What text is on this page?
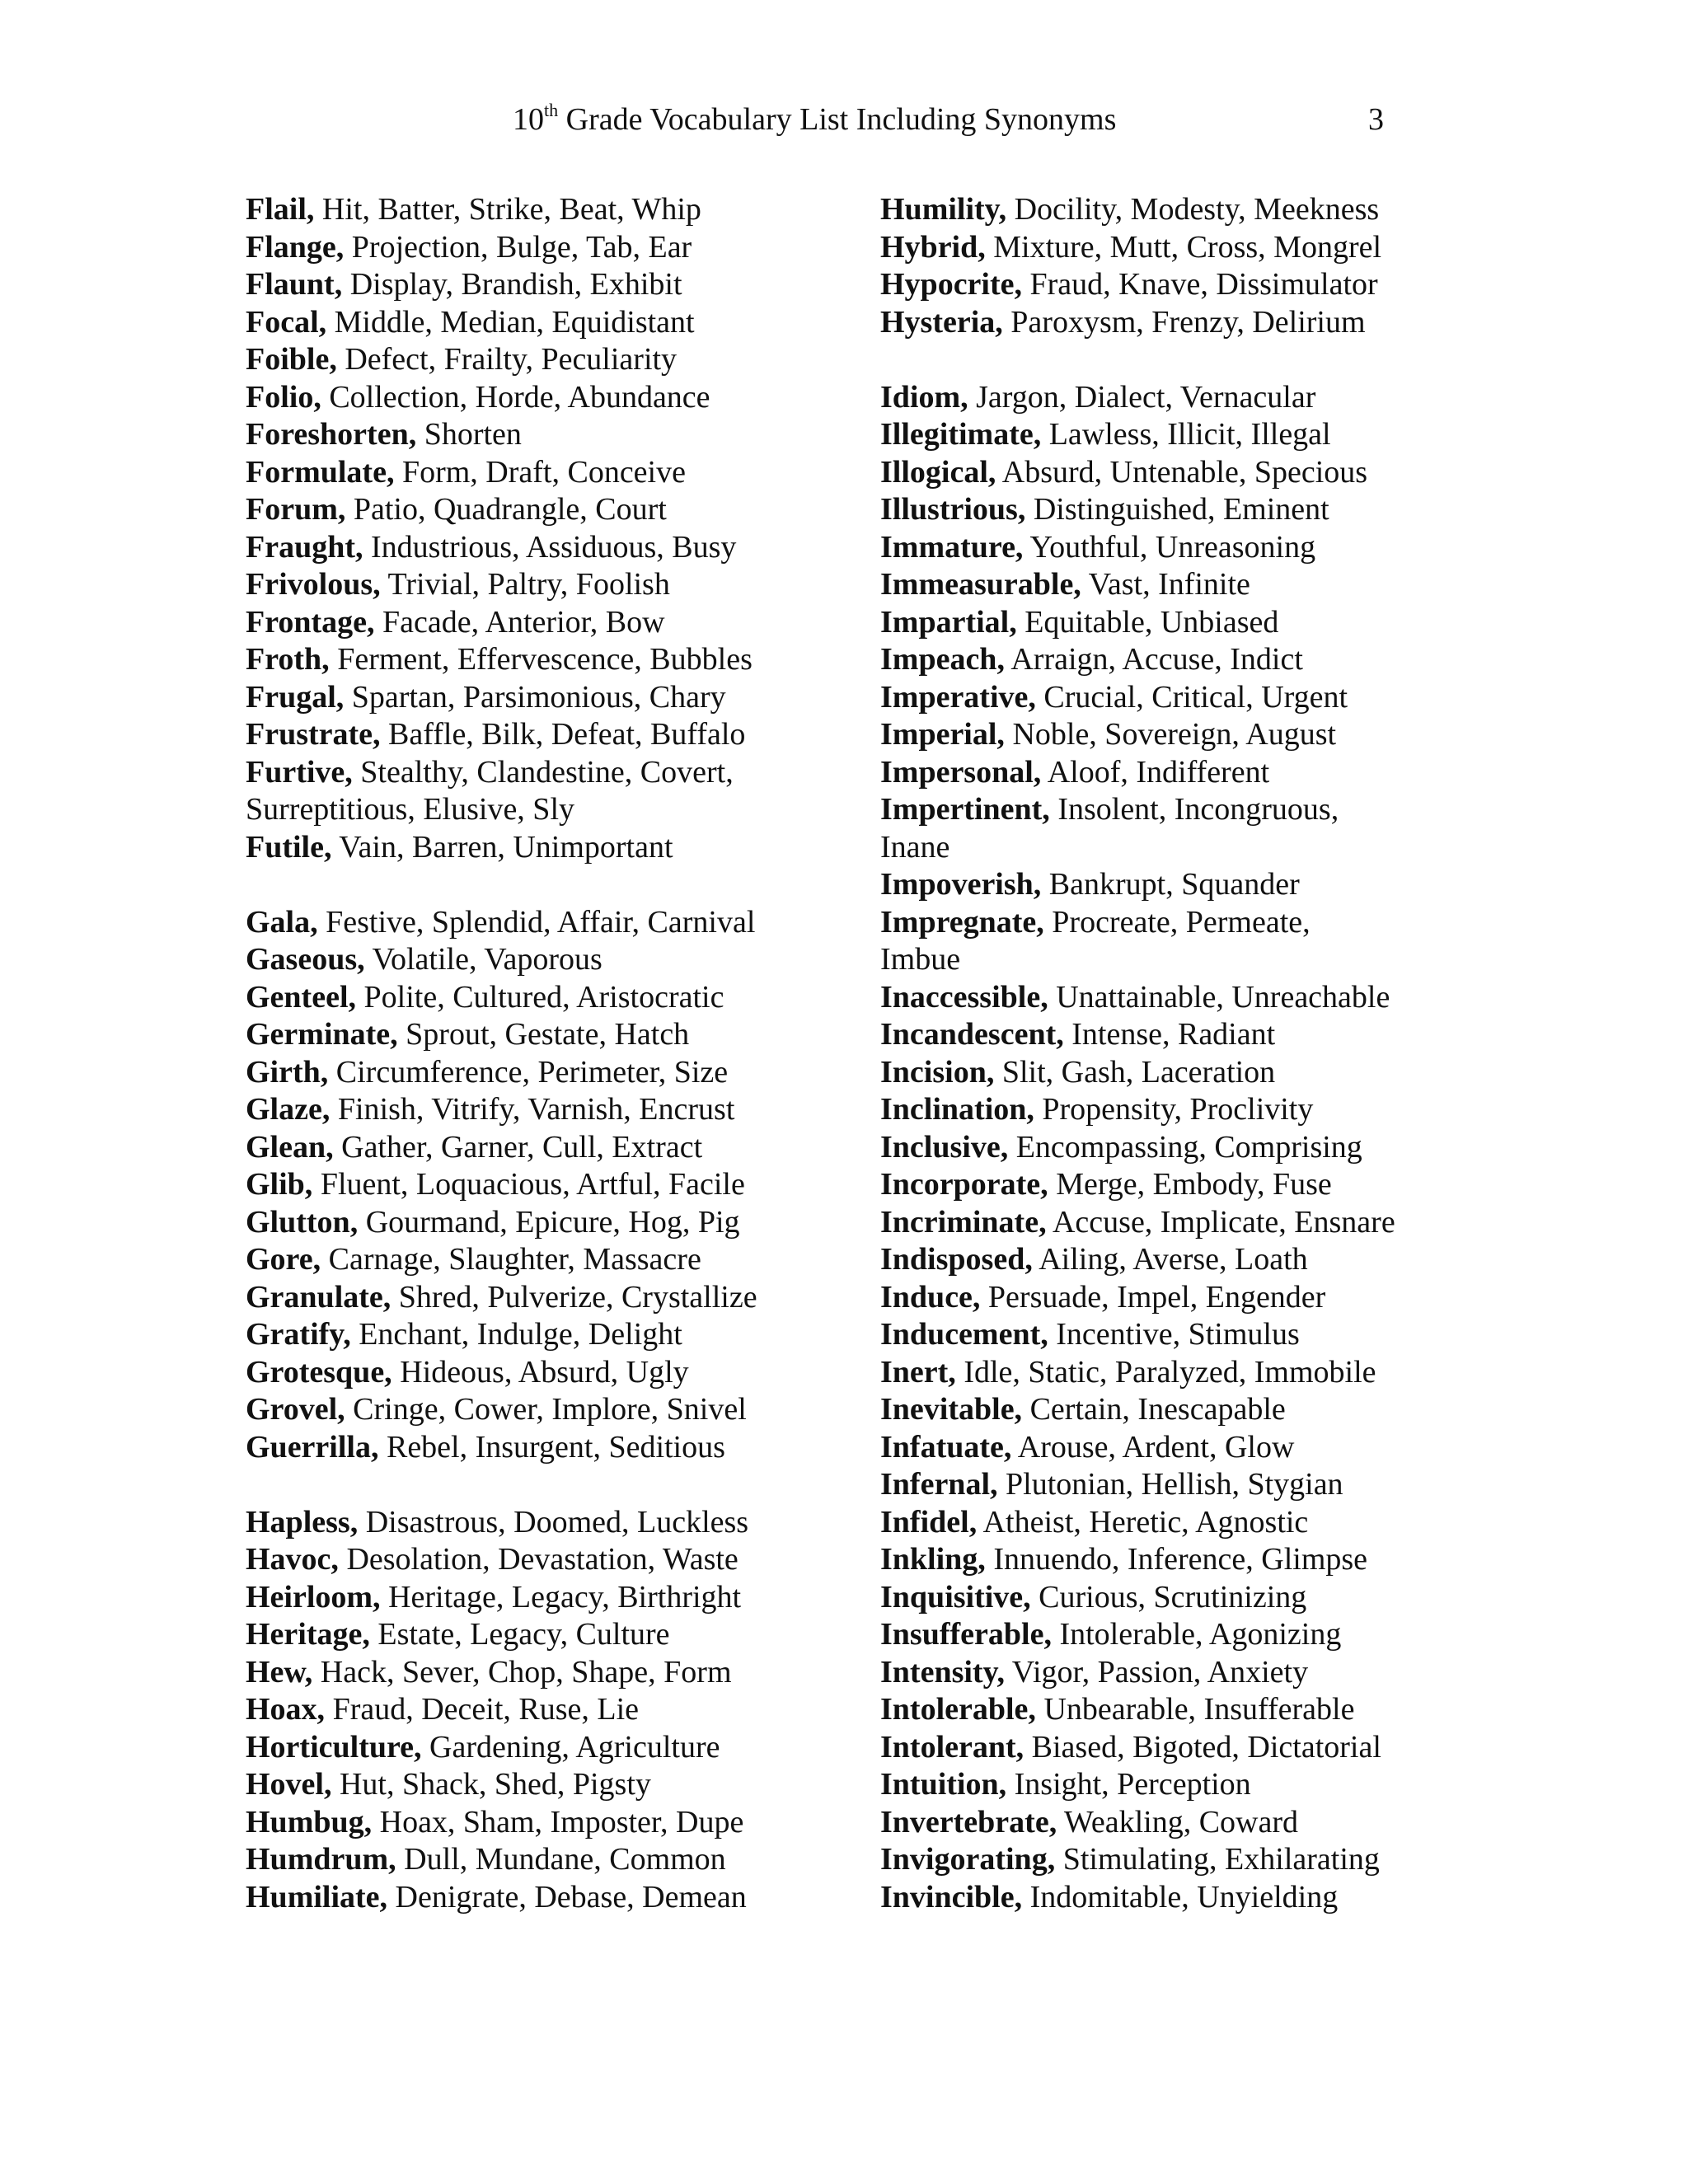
10th Grade Vocabulary List Including Synonyms	3
Flail, Hit, Batter, Strike, Beat, Whip
Flange, Projection, Bulge, Tab, Ear
Flaunt, Display, Brandish, Exhibit
Focal, Middle, Median, Equidistant
Foible, Defect, Frailty, Peculiarity
Folio, Collection, Horde, Abundance
Foreshorten, Shorten
Formulate, Form, Draft, Conceive
Forum, Patio, Quadrangle, Court
Fraught, Industrious, Assiduous, Busy
Frivolous, Trivial, Paltry, Foolish
Frontage, Facade, Anterior, Bow
Froth, Ferment, Effervescence, Bubbles
Frugal, Spartan, Parsimonious, Chary
Frustrate, Baffle, Bilk, Defeat, Buffalo
Furtive, Stealthy, Clandestine, Covert,
Surreptitious, Elusive, Sly
Futile, Vain, Barren, Unimportant
Gala, Festive, Splendid, Affair, Carnival
Gaseous, Volatile, Vaporous
Genteel, Polite, Cultured, Aristocratic
Germinate, Sprout, Gestate, Hatch
Girth, Circumference, Perimeter, Size
Glaze, Finish, Vitrify, Varnish, Encrust
Glean, Gather, Garner, Cull, Extract
Glib, Fluent, Loquacious, Artful, Facile
Glutton, Gourmand, Epicure, Hog, Pig
Gore, Carnage, Slaughter, Massacre
Granulate, Shred, Pulverize, Crystallize
Gratify, Enchant, Indulge, Delight
Grotesque, Hideous, Absurd, Ugly
Grovel, Cringe, Cower, Implore, Snivel
Guerrilla, Rebel, Insurgent, Seditious
Hapless, Disastrous, Doomed, Luckless
Havoc, Desolation, Devastation, Waste
Heirloom, Heritage, Legacy, Birthright
Heritage, Estate, Legacy, Culture
Hew, Hack, Sever, Chop, Shape, Form
Hoax, Fraud, Deceit, Ruse, Lie
Horticulture, Gardening, Agriculture
Hovel, Hut, Shack, Shed, Pigsty
Humbug, Hoax, Sham, Imposter, Dupe
Humdrum, Dull, Mundane, Common
Humiliate, Denigrate, Debase, Demean
Humility, Docility, Modesty, Meekness
Hybrid, Mixture, Mutt, Cross, Mongrel
Hypocrite, Fraud, Knave, Dissimulator
Hysteria, Paroxysm, Frenzy, Delirium
Idiom, Jargon, Dialect, Vernacular
Illegitimate, Lawless, Illicit, Illegal
Illogical, Absurd, Untenable, Specious
Illustrious, Distinguished, Eminent
Immature, Youthful, Unreasoning
Immeasurable, Vast, Infinite
Impartial, Equitable, Unbiased
Impeach, Arraign, Accuse, Indict
Imperative, Crucial, Critical, Urgent
Imperial, Noble, Sovereign, August
Impersonal, Aloof, Indifferent
Impertinent, Insolent, Incongruous,
Inane
Impoverish, Bankrupt, Squander
Impregnate, Procreate, Permeate,
Imbue
Inaccessible, Unattainable, Unreachable
Incandescent, Intense, Radiant
Incision, Slit, Gash, Laceration
Inclination, Propensity, Proclivity
Inclusive, Encompassing, Comprising
Incorporate, Merge, Embody, Fuse
Incriminate, Accuse, Implicate, Ensnare
Indisposed, Ailing, Averse, Loath
Induce, Persuade, Impel, Engender
Inducement, Incentive, Stimulus
Inert, Idle, Static, Paralyzed, Immobile
Inevitable, Certain, Inescapable
Infatuate, Arouse, Ardent, Glow
Infernal, Plutonian, Hellish, Stygian
Infidel, Atheist, Heretic, Agnostic
Inkling, Innuendo, Inference, Glimpse
Inquisitive, Curious, Scrutinizing
Insufferable, Intolerable, Agonizing
Intensity, Vigor, Passion, Anxiety
Intolerable, Unbearable, Insufferable
Intolerant, Biased, Bigoted, Dictatorial
Intuition, Insight, Perception
Invertebrate, Weakling, Coward
Invigorating, Stimulating, Exhilarating
Invincible, Indomitable, Unyielding
